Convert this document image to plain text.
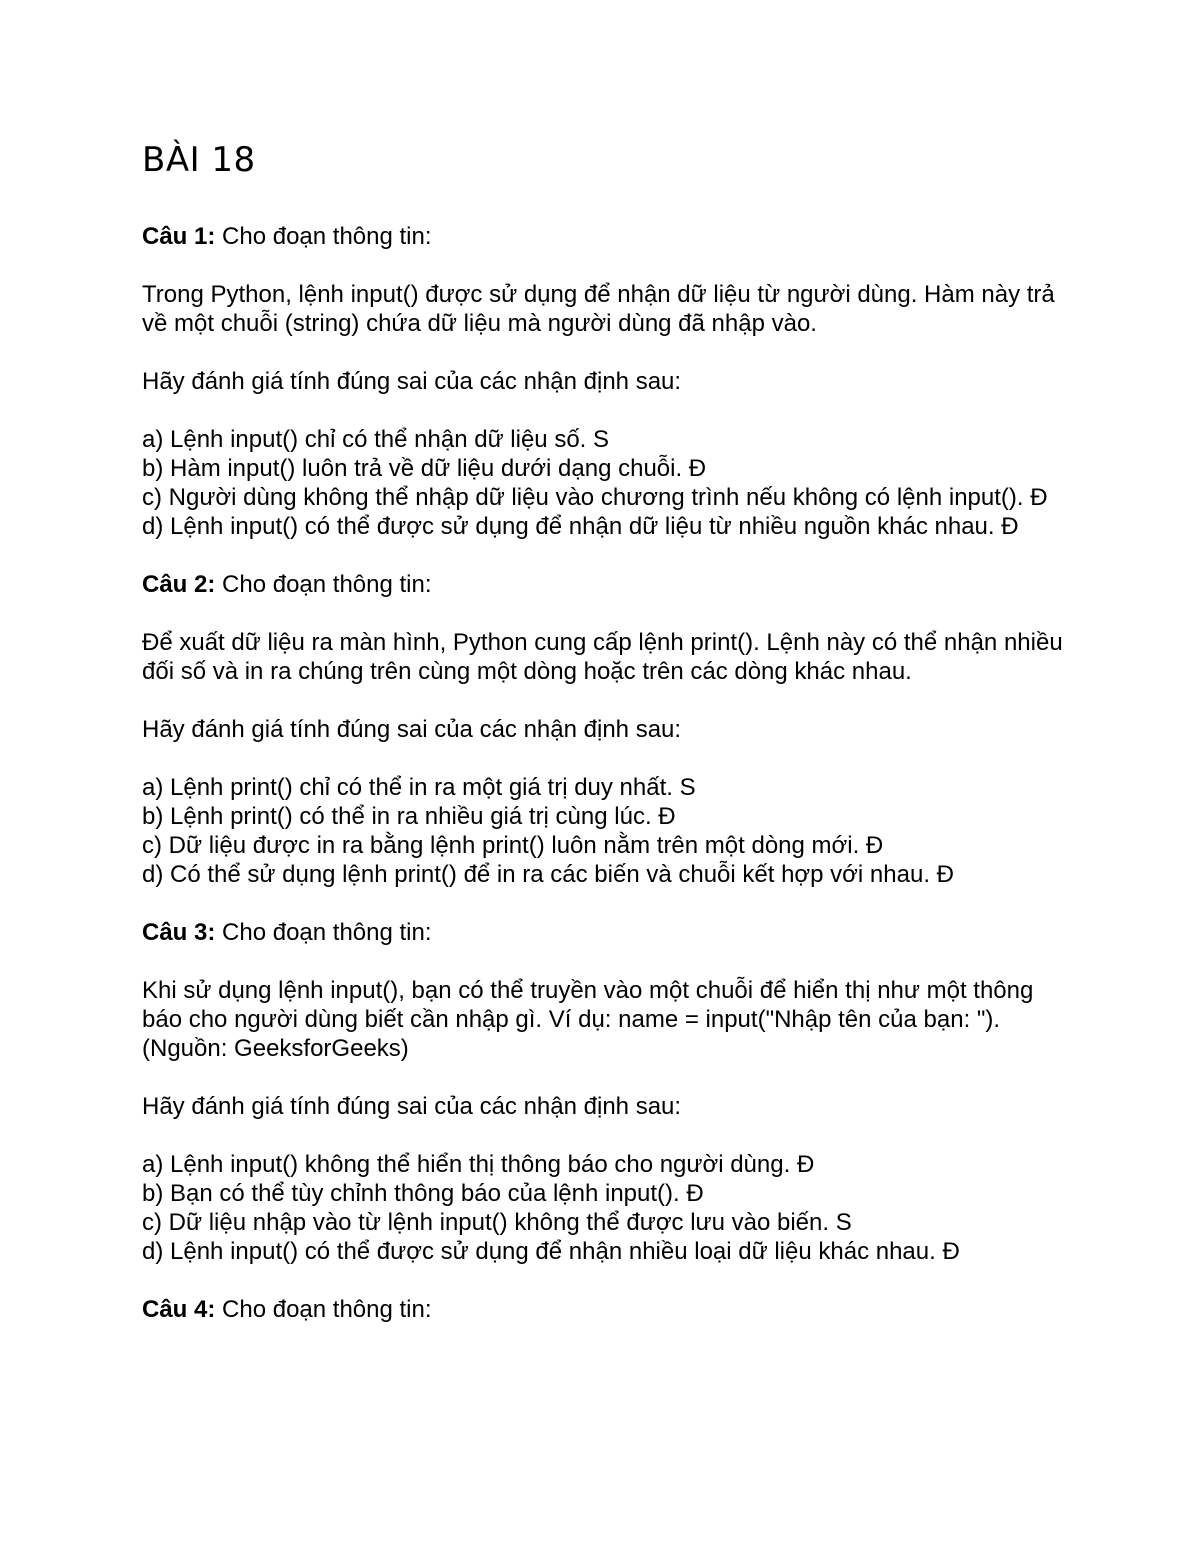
BÀI 18

Câu 1: Cho đoạn thông tin:

Trong Python, lệnh input() được sử dụng để nhận dữ liệu từ người dùng. Hàm này trả về một chuỗi (string) chứa dữ liệu mà người dùng đã nhập vào.

Hãy đánh giá tính đúng sai của các nhận định sau:

a) Lệnh input() chỉ có thể nhận dữ liệu số. S
b) Hàm input() luôn trả về dữ liệu dưới dạng chuỗi. Đ
c) Người dùng không thể nhập dữ liệu vào chương trình nếu không có lệnh input(). Đ
d) Lệnh input() có thể được sử dụng để nhận dữ liệu từ nhiều nguồn khác nhau. Đ

Câu 2: Cho đoạn thông tin:

Để xuất dữ liệu ra màn hình, Python cung cấp lệnh print(). Lệnh này có thể nhận nhiều đối số và in ra chúng trên cùng một dòng hoặc trên các dòng khác nhau.

Hãy đánh giá tính đúng sai của các nhận định sau:

a) Lệnh print() chỉ có thể in ra một giá trị duy nhất. S
b) Lệnh print() có thể in ra nhiều giá trị cùng lúc. Đ
c) Dữ liệu được in ra bằng lệnh print() luôn nằm trên một dòng mới. Đ
d) Có thể sử dụng lệnh print() để in ra các biến và chuỗi kết hợp với nhau. Đ

Câu 3: Cho đoạn thông tin:

Khi sử dụng lệnh input(), bạn có thể truyền vào một chuỗi để hiển thị như một thông báo cho người dùng biết cần nhập gì. Ví dụ: name = input("Nhập tên của bạn: "). (Nguồn: GeeksforGeeks)

Hãy đánh giá tính đúng sai của các nhận định sau:

a) Lệnh input() không thể hiển thị thông báo cho người dùng. Đ
b) Bạn có thể tùy chỉnh thông báo của lệnh input(). Đ
c) Dữ liệu nhập vào từ lệnh input() không thể được lưu vào biến. S
d) Lệnh input() có thể được sử dụng để nhận nhiều loại dữ liệu khác nhau. Đ

Câu 4: Cho đoạn thông tin:
